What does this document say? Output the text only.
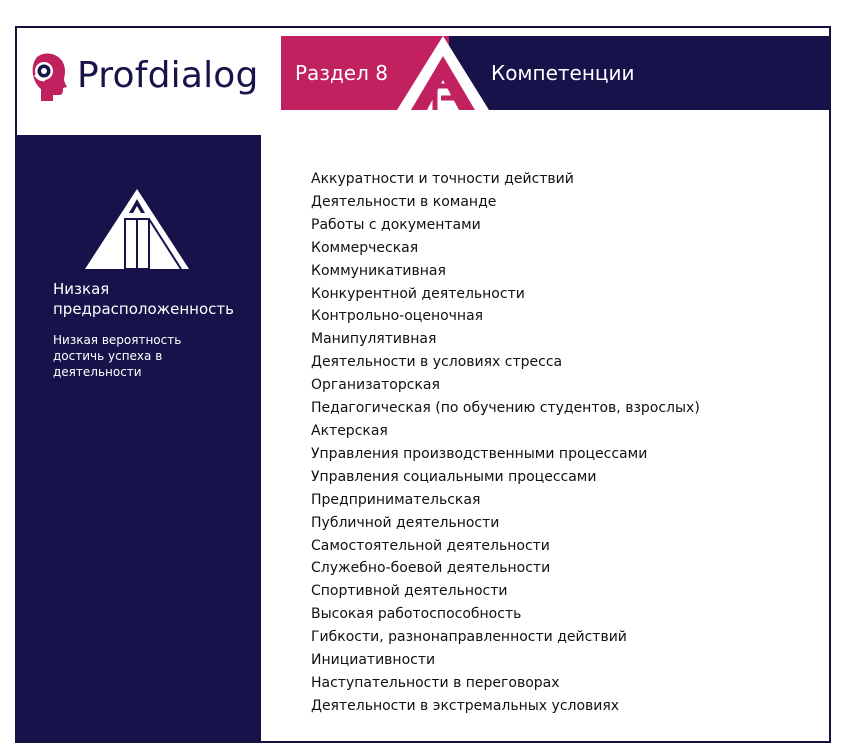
Profdialog Раздел 8	Компетенции
Низкая предрасположенность
Низкая вероятность достичь успеха в деятельности
Аккуратности и точности действий
Деятельности в команде
Работы с документами
Коммерческая
Коммуникативная
Конкурентной деятельности
Контрольно-оценочная
Манипулятивная
Деятельности в условиях стресса
Организаторская
Педагогическая (по обучению студентов, взрослых)
Актерская
Управления производственными процессами
Управления социальными процессами
Предпринимательская
Публичной деятельности
Самостоятельной деятельности
Служебно-боевой деятельности
Спортивной деятельности
Высокая работоспособность
Гибкости, разнонаправленности действий
Инициативности
Наступательности в переговорах
Деятельности в экстремальных условиях
